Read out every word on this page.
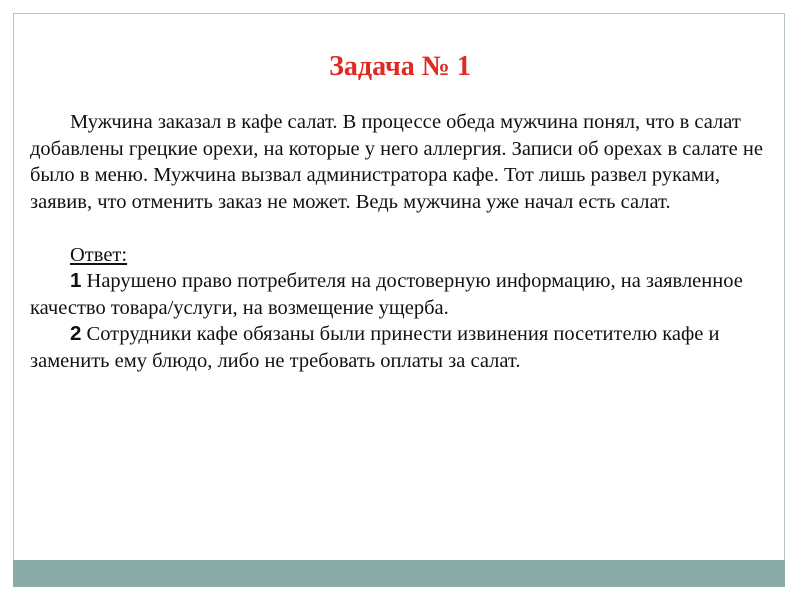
Задача № 1

Мужчина заказал в кафе салат. В процессе обеда мужчина понял, что в салат добавлены грецкие орехи, на которые у него аллергия. Записи об орехах в салате не было в меню. Мужчина вызвал администратора кафе. Тот лишь развел руками, заявив, что отменить заказ не может. Ведь мужчина уже начал есть салат.

Ответ:

1 Нарушено право потребителя на достоверную информацию, на заявленное качество товара/услуги, на возмещение ущерба.

2 Сотрудники кафе обязаны были принести извинения посетителю кафе и заменить ему блюдо, либо не требовать оплаты за салат.
